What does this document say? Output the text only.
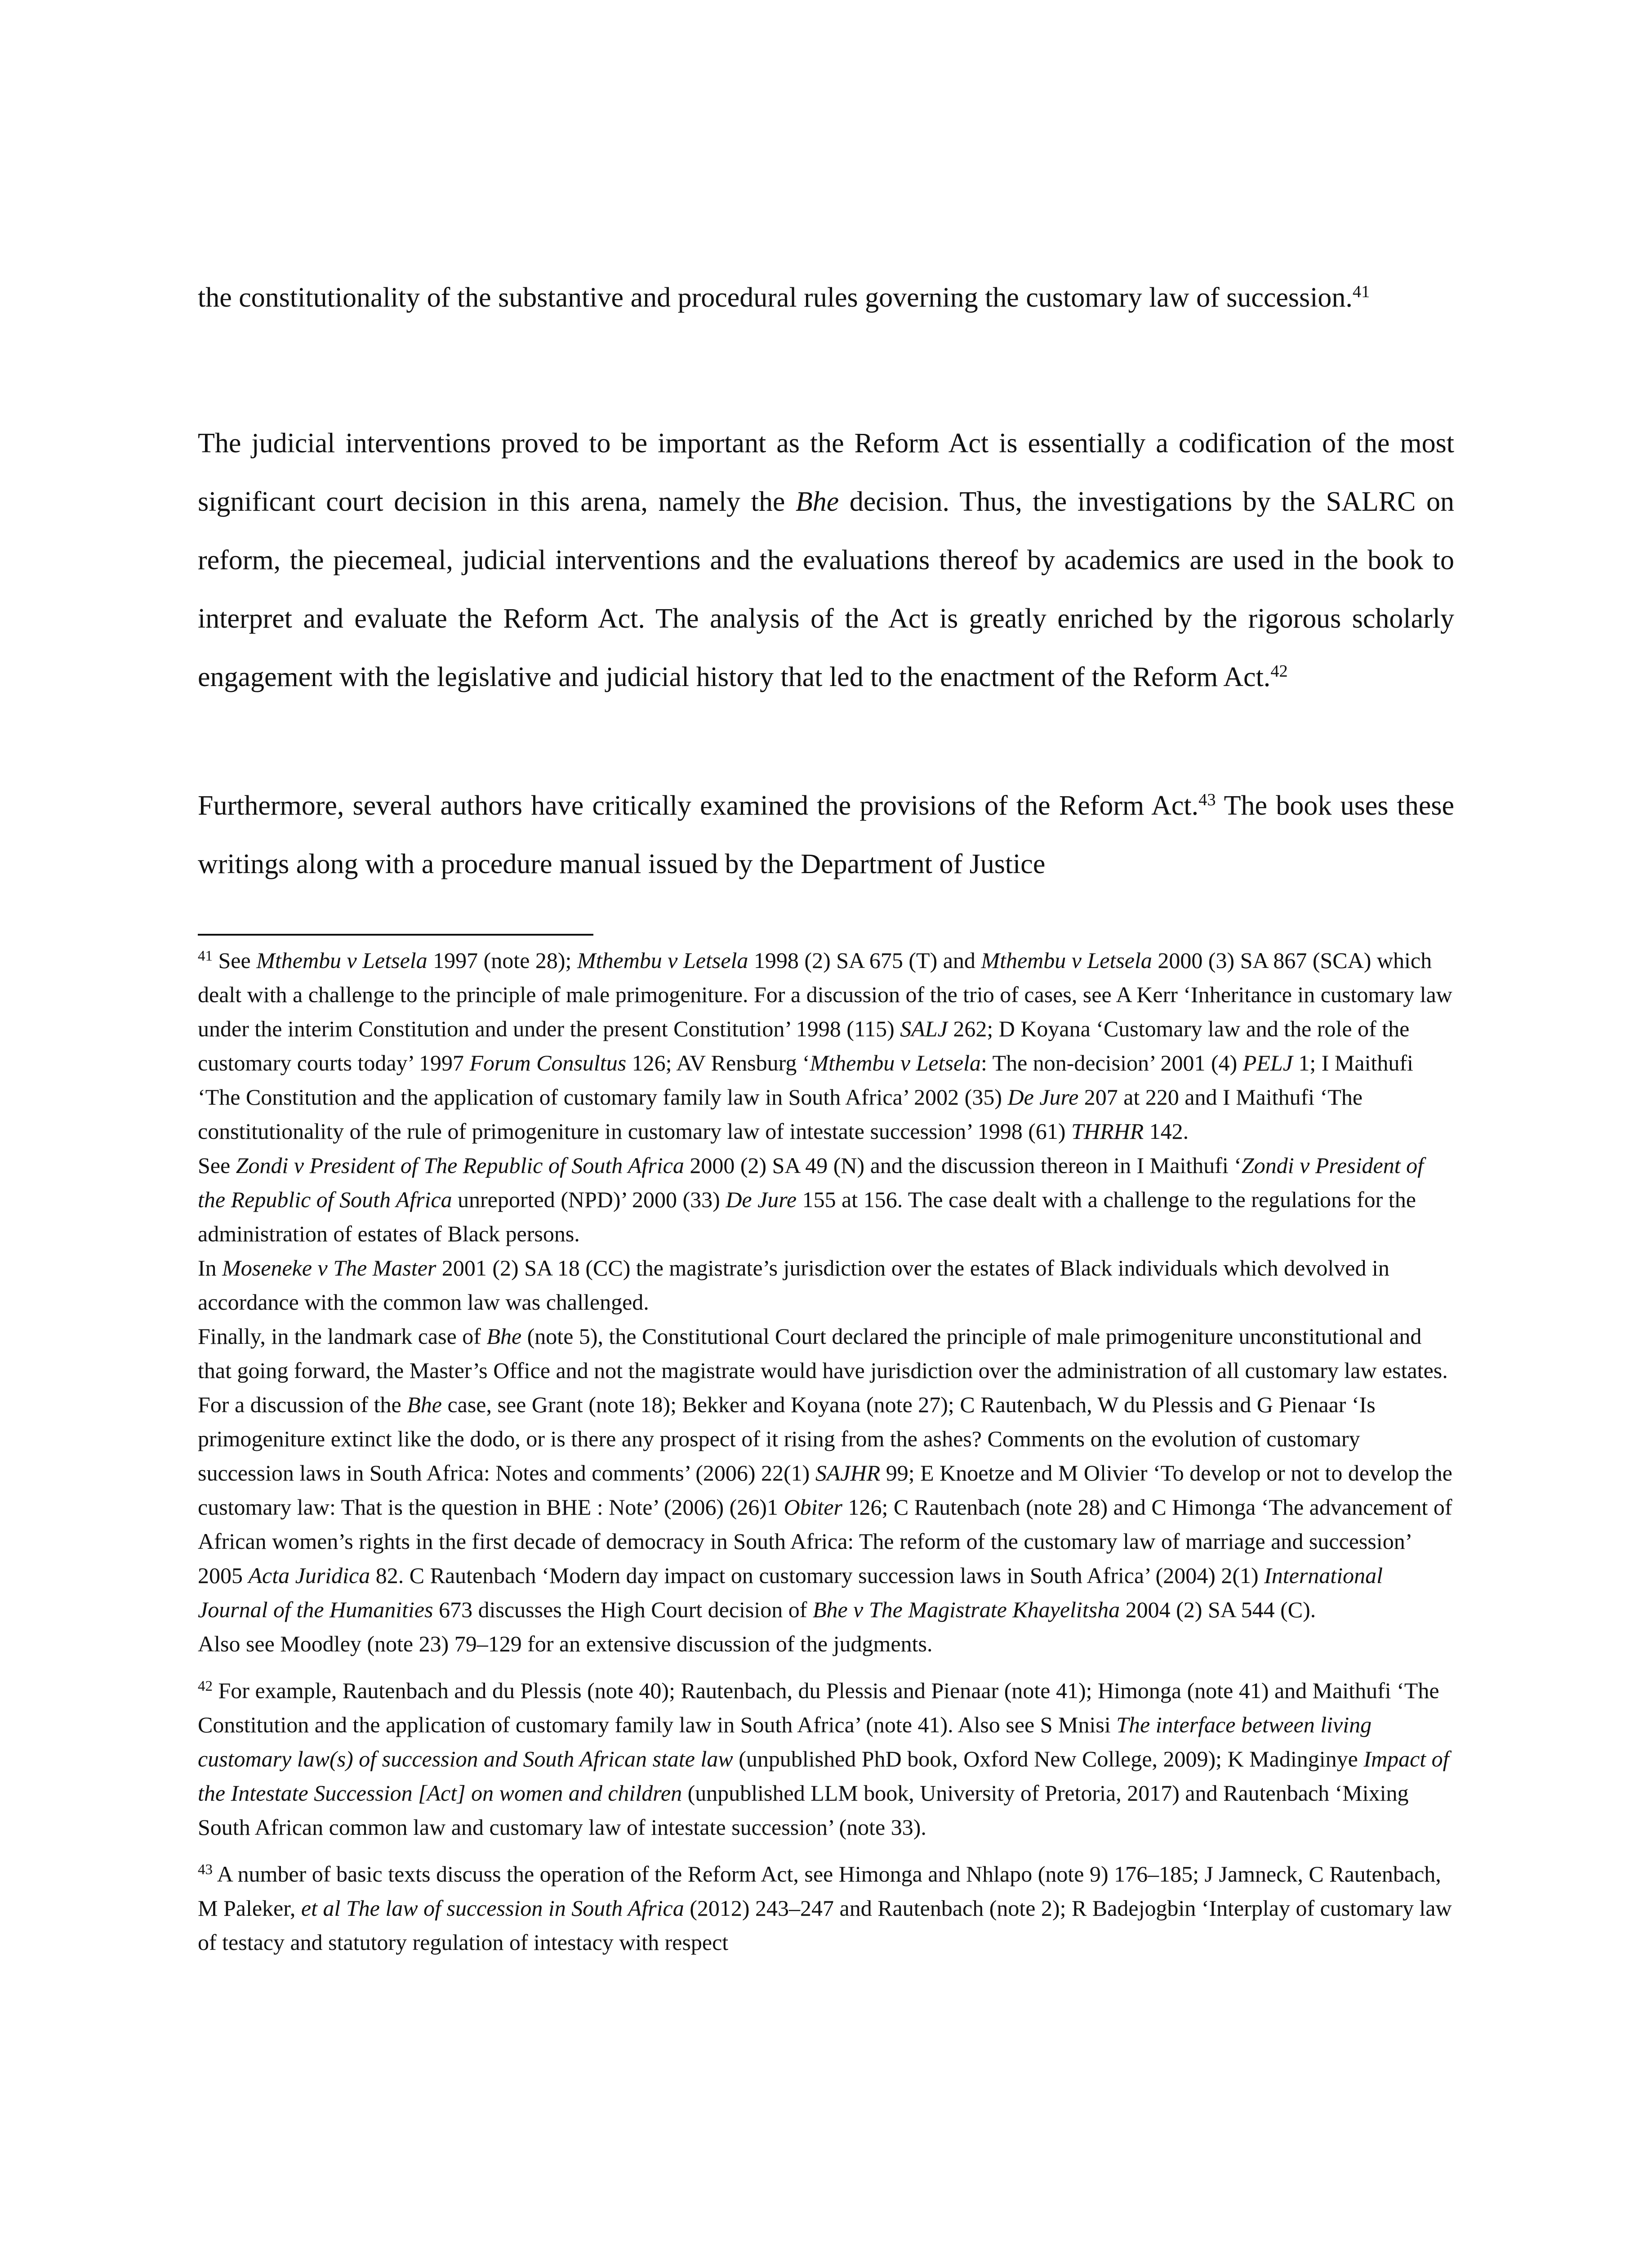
the constitutionality of the substantive and procedural rules governing the customary law of succession.$^{41}$

The judicial interventions proved to be important as the Reform Act is essentially a codification of the most significant court decision in this arena, namely the Bhe decision. Thus, the investigations by the SALRC on reform, the piecemeal, judicial interventions and the evaluations thereof by academics are used in the book to interpret and evaluate the Reform Act. The analysis of the Act is greatly enriched by the rigorous scholarly engagement with the legislative and judicial history that led to the enactment of the Reform Act.$^{42}$

Furthermore, several authors have critically examined the provisions of the Reform Act.$^{43}$ The book uses these writings along with a procedure manual issued by the Department of Justice

$^{41}$ See Mthembu v Letsela 1997 (note 28); Mthembu v Letsela 1998 (2) SA 675 (T) and Mthembu v Letsela 2000 (3) SA 867 (SCA) which dealt with a challenge to the principle of male primogeniture. For a discussion of the trio of cases, see A Kerr ‘Inheritance in customary law under the interim Constitution and under the present Constitution’ 1998 (115) SALJ 262; D Koyana ‘Customary law and the role of the customary courts today’ 1997 Forum Consultus 126; AV Rensburg ‘Mthembu v Letsela: The non-decision’ 2001 (4) PELJ 1; I Maithufi ‘The Constitution and the application of customary family law in South Africa’ 2002 (35) De Jure 207 at 220 and I Maithufi ‘The constitutionality of the rule of primogeniture in customary law of intestate succession’ 1998 (61) THRHR 142.

See Zondi v President of The Republic of South Africa 2000 (2) SA 49 (N) and the discussion thereon in I Maithufi ‘Zondi v President of the Republic of South Africa unreported (NPD)’ 2000 (33) De Jure 155 at 156. The case dealt with a challenge to the regulations for the administration of estates of Black persons.

In Moseneke v The Master 2001 (2) SA 18 (CC) the magistrate’s jurisdiction over the estates of Black individuals which devolved in accordance with the common law was challenged.

Finally, in the landmark case of Bhe (note 5), the Constitutional Court declared the principle of male primogeniture unconstitutional and that going forward, the Master’s Office and not the magistrate would have jurisdiction over the administration of all customary law estates.

For a discussion of the Bhe case, see Grant (note 18); Bekker and Koyana (note 27); C Rautenbach, W du Plessis and G Pienaar ‘Is primogeniture extinct like the dodo, or is there any prospect of it rising from the ashes? Comments on the evolution of customary succession laws in South Africa: Notes and comments’ (2006) 22(1) SAJHR 99; E Knoetze and M Olivier ‘To develop or not to develop the customary law: That is the question in BHE : Note’ (2006) (26)1 Obiter 126; C Rautenbach (note 28) and C Himonga ‘The advancement of African women’s rights in the first decade of democracy in South Africa: The reform of the customary law of marriage and succession’ 2005 Acta Juridica 82. C Rautenbach ‘Modern day impact on customary succession laws in South Africa’ (2004) 2(1) International Journal of the Humanities 673 discusses the High Court decision of Bhe v The Magistrate Khayelitsha 2004 (2) SA 544 (C).

Also see Moodley (note 23) 79–129 for an extensive discussion of the judgments.

$^{42}$ For example, Rautenbach and du Plessis (note 40); Rautenbach, du Plessis and Pienaar (note 41); Himonga (note 41) and Maithufi ‘The Constitution and the application of customary family law in South Africa’ (note 41). Also see S Mnisi The interface between living customary law(s) of succession and South African state law (unpublished PhD book, Oxford New College, 2009); K Madinginye Impact of the Intestate Succession [Act] on women and children (unpublished LLM book, University of Pretoria, 2017) and Rautenbach ‘Mixing South African common law and customary law of intestate succession’ (note 33).

$^{43}$ A number of basic texts discuss the operation of the Reform Act, see Himonga and Nhlapo (note 9) 176–185; J Jamneck, C Rautenbach, M Paleker, et al The law of succession in South Africa (2012) 243–247 and Rautenbach (note 2); R Badejogbin ‘Interplay of customary law of testacy and statutory regulation of intestacy with respect
